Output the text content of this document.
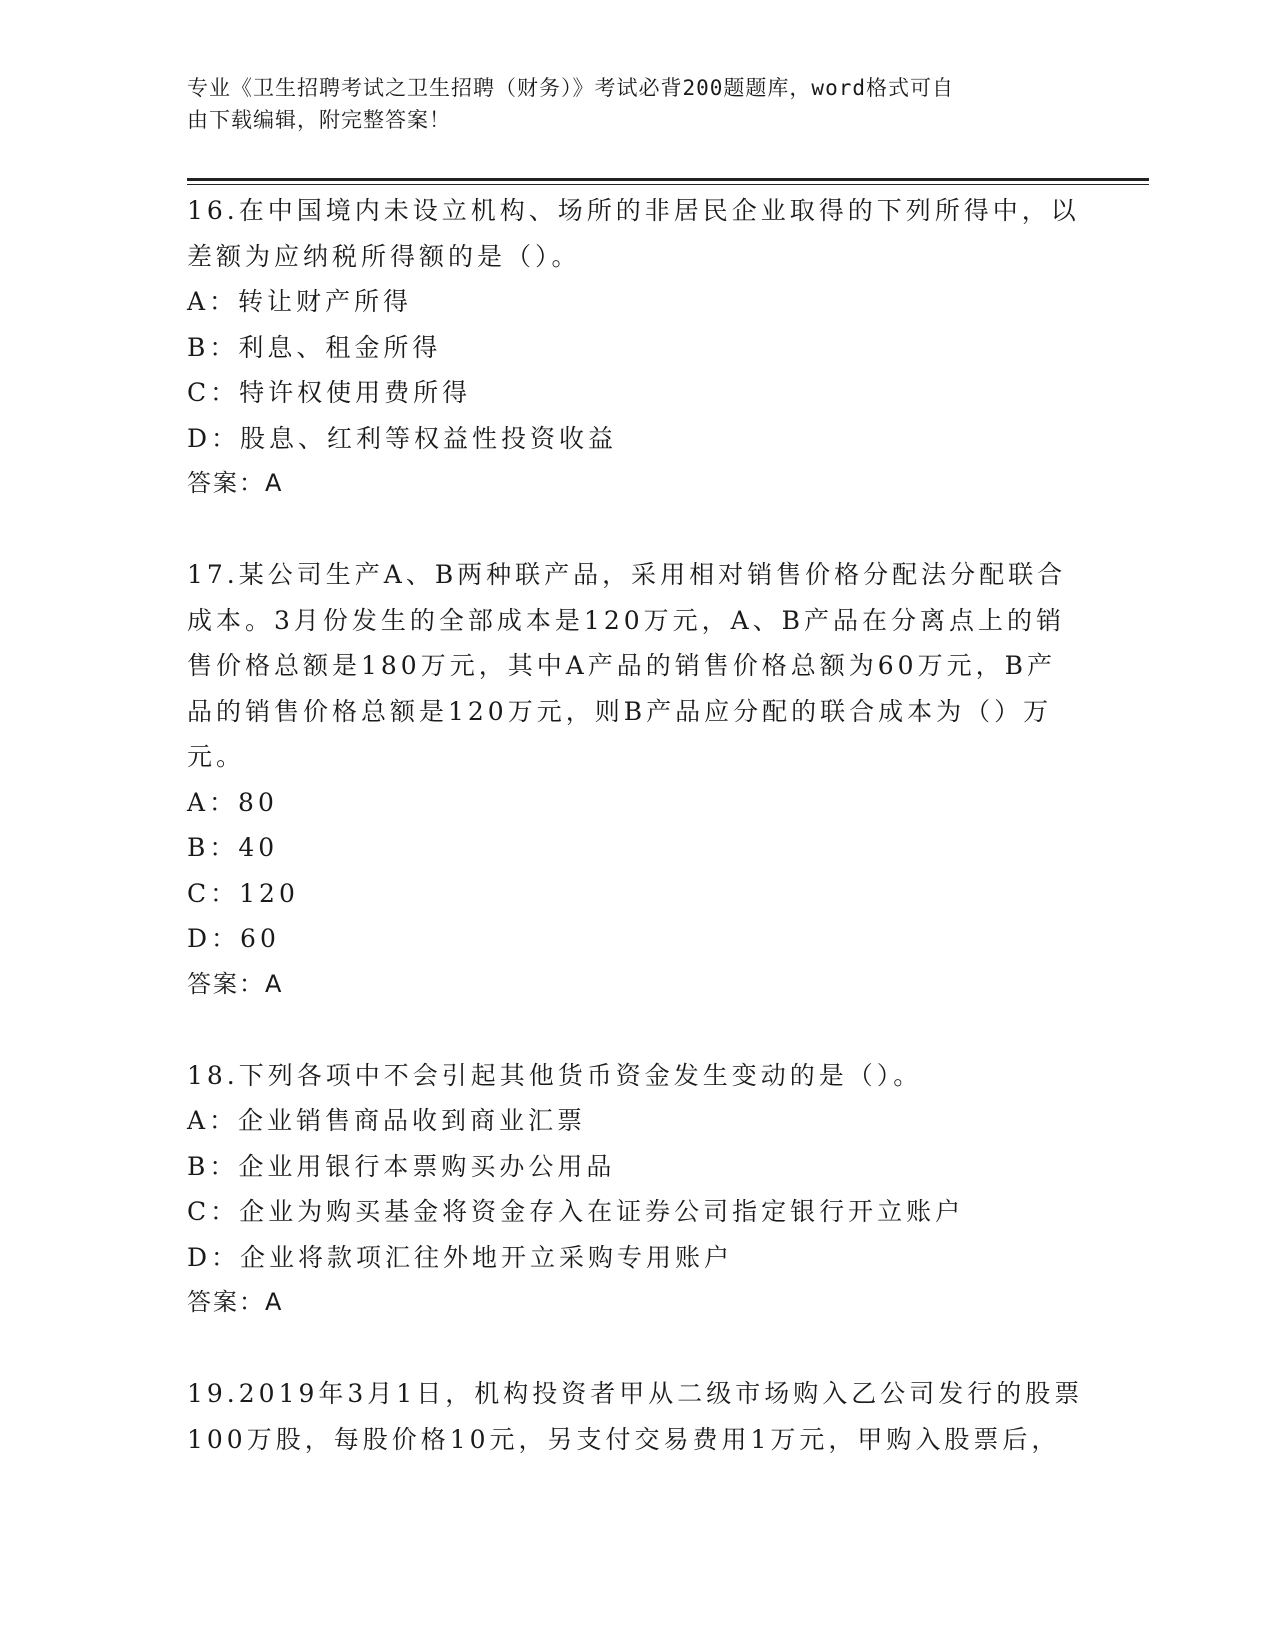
专业《卫生招聘考试之卫生招聘（财务）》考试必背200题题库，word格式可自
由下载编辑，附完整答案！

16.在中国境内未设立机构、场所的非居民企业取得的下列所得中，以

差额为应纳税所得额的是（）。

A：转让财产所得

B：利息、租金所得

C：特许权使用费所得

D：股息、红利等权益性投资收益

答案：A

17.某公司生产A、B两种联产品，采用相对销售价格分配法分配联合

成本。3月份发生的全部成本是120万元，A、B产品在分离点上的销

售价格总额是180万元，其中A产品的销售价格总额为60万元，B产

品的销售价格总额是120万元，则B产品应分配的联合成本为（）万

元。

A：80

B：40

C：120

D：60

答案：A

18.下列各项中不会引起其他货币资金发生变动的是（）。

A：企业销售商品收到商业汇票

B：企业用银行本票购买办公用品

C：企业为购买基金将资金存入在证券公司指定银行开立账户

D：企业将款项汇往外地开立采购专用账户

答案：A

19.2019年3月1日，机构投资者甲从二级市场购入乙公司发行的股票

100万股，每股价格10元，另支付交易费用1万元，甲购入股票后，
